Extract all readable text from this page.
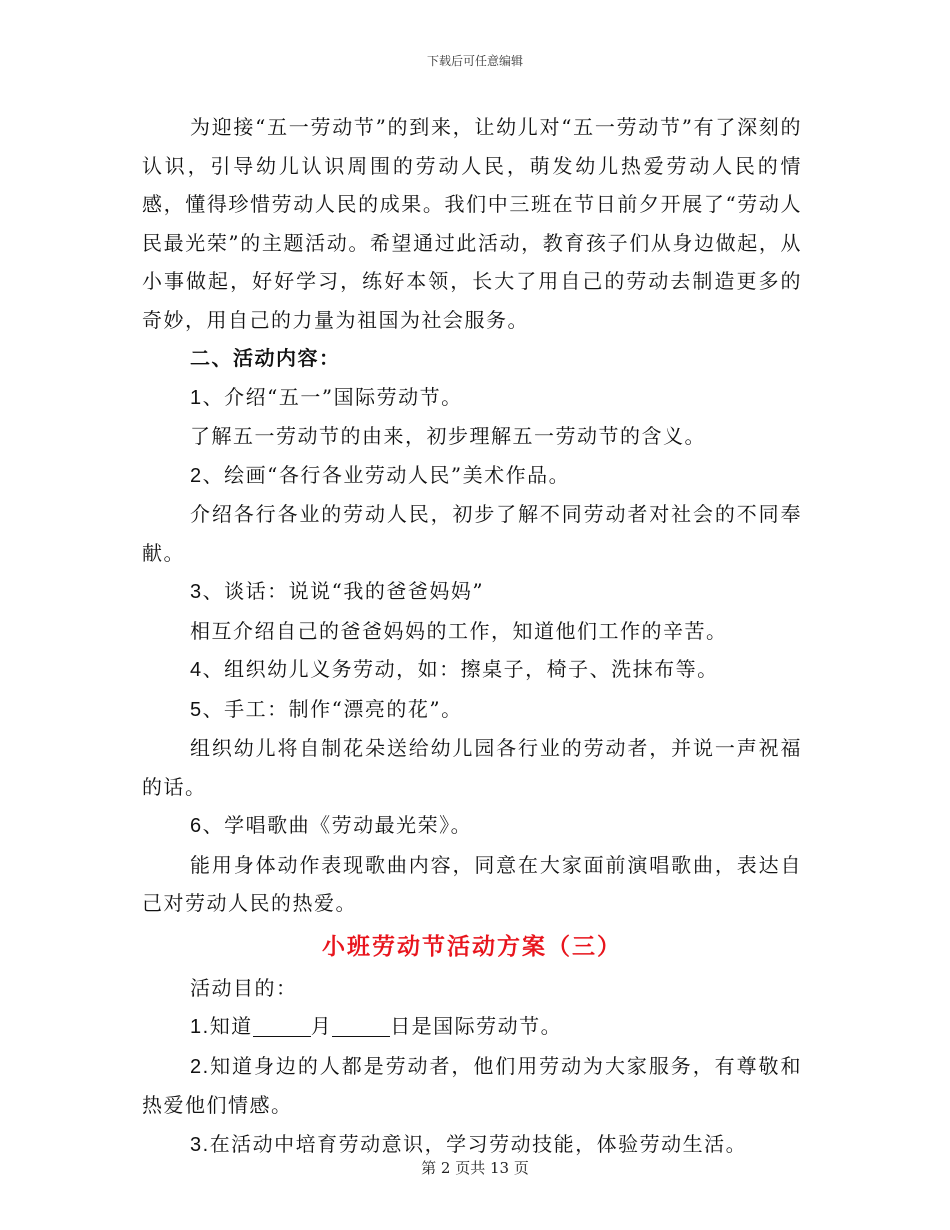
下载后可任意编辑

为迎接“五一劳动节”的到来，让幼儿对“五一劳动节”有了深刻的认识，引导幼儿认识周围的劳动人民，萌发幼儿热爱劳动人民的情感，懂得珍惜劳动人民的成果。我们中三班在节日前夕开展了“劳动人民最光荣”的主题活动。希望通过此活动，教育孩子们从身边做起，从小事做起，好好学习，练好本领，长大了用自己的劳动去制造更多的奇妙，用自己的力量为祖国为社会服务。

二、活动内容：

1、介绍“五一”国际劳动节。

了解五一劳动节的由来，初步理解五一劳动节的含义。

2、绘画“各行各业劳动人民”美术作品。

介绍各行各业的劳动人民，初步了解不同劳动者对社会的不同奉献。

3、谈话：说说“我的爸爸妈妈”

相互介绍自己的爸爸妈妈的工作，知道他们工作的辛苦。

4、组织幼儿义务劳动，如：擦桌子，椅子、洗抹布等。

5、手工：制作“漂亮的花”。

组织幼儿将自制花朵送给幼儿园各行业的劳动者，并说一声祝福的话。

6、学唱歌曲《劳动最光荣》。

能用身体动作表现歌曲内容，同意在大家面前演唱歌曲，表达自己对劳动人民的热爱。

小班劳动节活动方案（三）

活动目的：

1.知道	月	日是国际劳动节。

2.知道身边的人都是劳动者，他们用劳动为大家服务，有尊敬和热爱他们情感。

3.在活动中培育劳动意识，学习劳动技能，体验劳动生活。

第 2 页共 13 页
